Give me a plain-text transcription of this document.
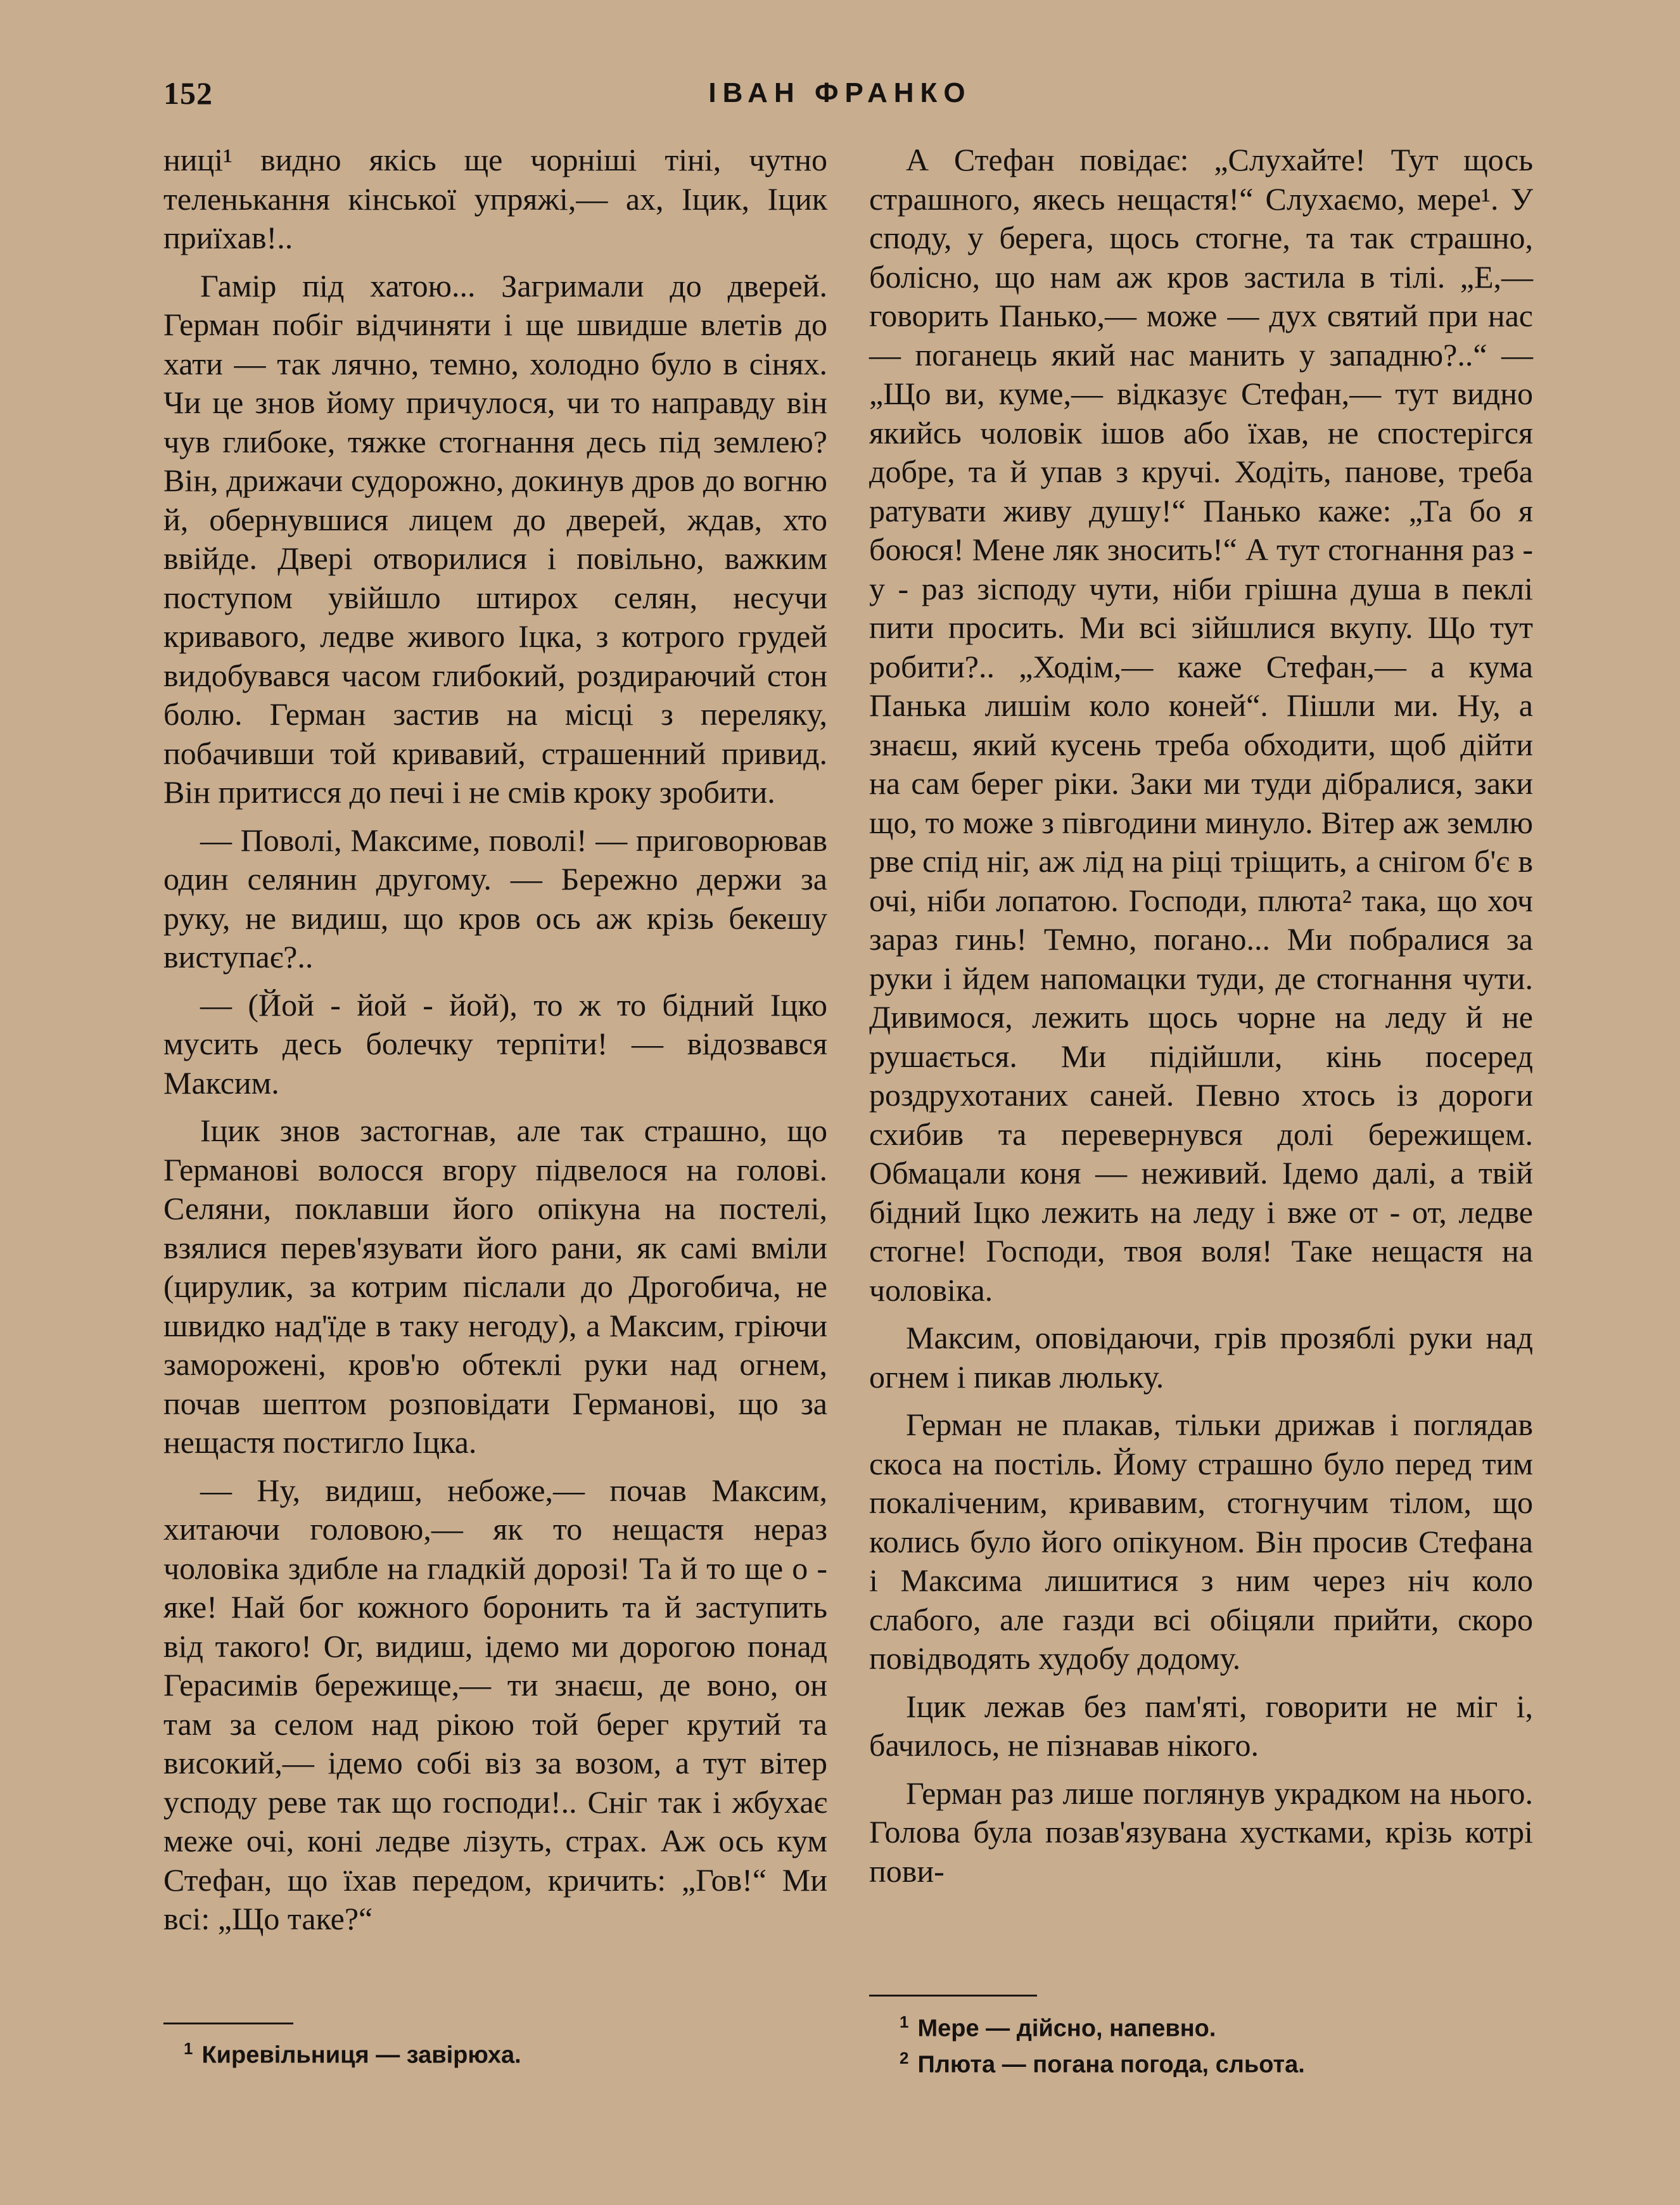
152	ІВАН ФРАНКО

ниці¹ видно якісь ще чорніші тіні, чутно теленькання кінської упряжі,— ах, Іцик, Іцик приїхав!..

Гамір під хатою... Загримали до дверей. Герман побіг відчиняти і ще швидше влетів до хати — так лячно, темно, холодно було в сінях. Чи це знов йому причулося, чи то направду він чув глибоке, тяжке стогнання десь під землею? Він, дрижачи судорожно, докинув дров до вогню й, обернувшися лицем до дверей, ждав, хто ввійде. Двері отворилися і повільно, важким поступом увійшло штирох селян, несучи кривавого, ледве живого Іцка, з котрого грудей видобувався часом глибокий, роздираючий стон болю. Герман застив на місці з переляку, побачивши той кривавий, страшенний привид. Він притисся до печі і не смів кроку зробити.

— Поволі, Максиме, поволі! — приговорював один селянин другому. — Бережно держи за руку, не видиш, що кров ось аж крізь бекешу виступає?..

— (Йой - йой - йой), то ж то бідний Іцко мусить десь болечку терпіти! — відозвався Максим.

Іцик знов застогнав, але так страшно, що Германові волосся вгору підвелося на голові. Селяни, поклавши його опікуна на постелі, взялися перев'язувати його рани, як самі вміли (цирулик, за котрим післали до Дрогобича, не швидко над'їде в таку негоду), а Максим, гріючи заморожені, кров'ю обтеклі руки над огнем, почав шептом розповідати Германові, що за нещастя постигло Іцка.

— Ну, видиш, небоже,— почав Максим, хитаючи головою,— як то нещастя нераз чоловіка здибле на гладкій дорозі! Та й то ще о - яке! Най бог кожного боронить та й заступить від такого! Ог, видиш, ідемо ми дорогою понад Герасимів бережище,— ти знаєш, де воно, он там за селом над рікою той берег крутий та високий,— ідемо собі віз за возом, а тут вітер усподу реве так що господи!.. Сніг так і жбухає меже очі, коні ледве лізуть, страх. Аж ось кум Стефан, що їхав передом, кричить: „Гов!“ Ми всі: „Що таке?“

А Стефан повідає: „Слухайте! Тут щось страшного, якесь нещастя!“ Слухаємо, мере¹. У споду, у берега, щось стогне, та так страшно, болісно, що нам аж кров застила в тілі. „Е,— говорить Панько,— може — дух святий при нас — поганець який нас манить у западню?..“ — „Що ви, куме,— відказує Стефан,— тут видно якийсь чоловік ішов або їхав, не спостерігся добре, та й упав з кручі. Ходіть, панове, треба ратувати живу душу!“ Панько каже: „Та бо я боюся! Мене ляк зносить!“ А тут стогнання раз - у - раз зісподу чути, ніби грішна душа в пеклі пити просить. Ми всі зійшлися вкупу. Що тут робити?.. „Ходім,— каже Стефан,— а кума Панька лишім коло коней“. Пішли ми. Ну, а знаєш, який кусень треба обходити, щоб дійти на сам берег ріки. Заки ми туди дібралися, заки що, то може з півгодини минуло. Вітер аж землю рве спід ніг, аж лід на ріці тріщить, а снігом б'є в очі, ніби лопатою. Господи, плюта² така, що хоч зараз гинь! Темно, погано... Ми побралися за руки і йдем напомацки туди, де стогнання чути. Дивимося, лежить щось чорне на леду й не рушається. Ми підійшли, кінь посеред роздрухотаних саней. Певно хтось із дороги схибив та перевернувся долі бережищем. Обмацали коня — неживий. Ідемо далі, а твій бідний Іцко лежить на леду і вже от - от, ледве стогне! Господи, твоя воля! Таке нещастя на чоловіка.

Максим, оповідаючи, грів прозяблі руки над огнем і пикав люльку.

Герман не плакав, тільки дрижав і поглядав скоса на постіль. Йому страшно було перед тим покаліченим, кривавим, стогнучим тілом, що колись було його опікуном. Він просив Стефана і Максима лишитися з ним через ніч коло слабого, але газди всі обіцяли прийти, скоро повідводять худобу додому.

Іцик лежав без пам'яті, говорити не міг і, бачилось, не пізнавав нікого.

Герман раз лише поглянув украдком на нього. Голова була позав'язувана хустками, крізь котрі пови-

$^1$ Киревільниця — завірюха.
$^1$ Мере — дійсно, напевно.
$^2$ Плюта — погана погода, сльота.
